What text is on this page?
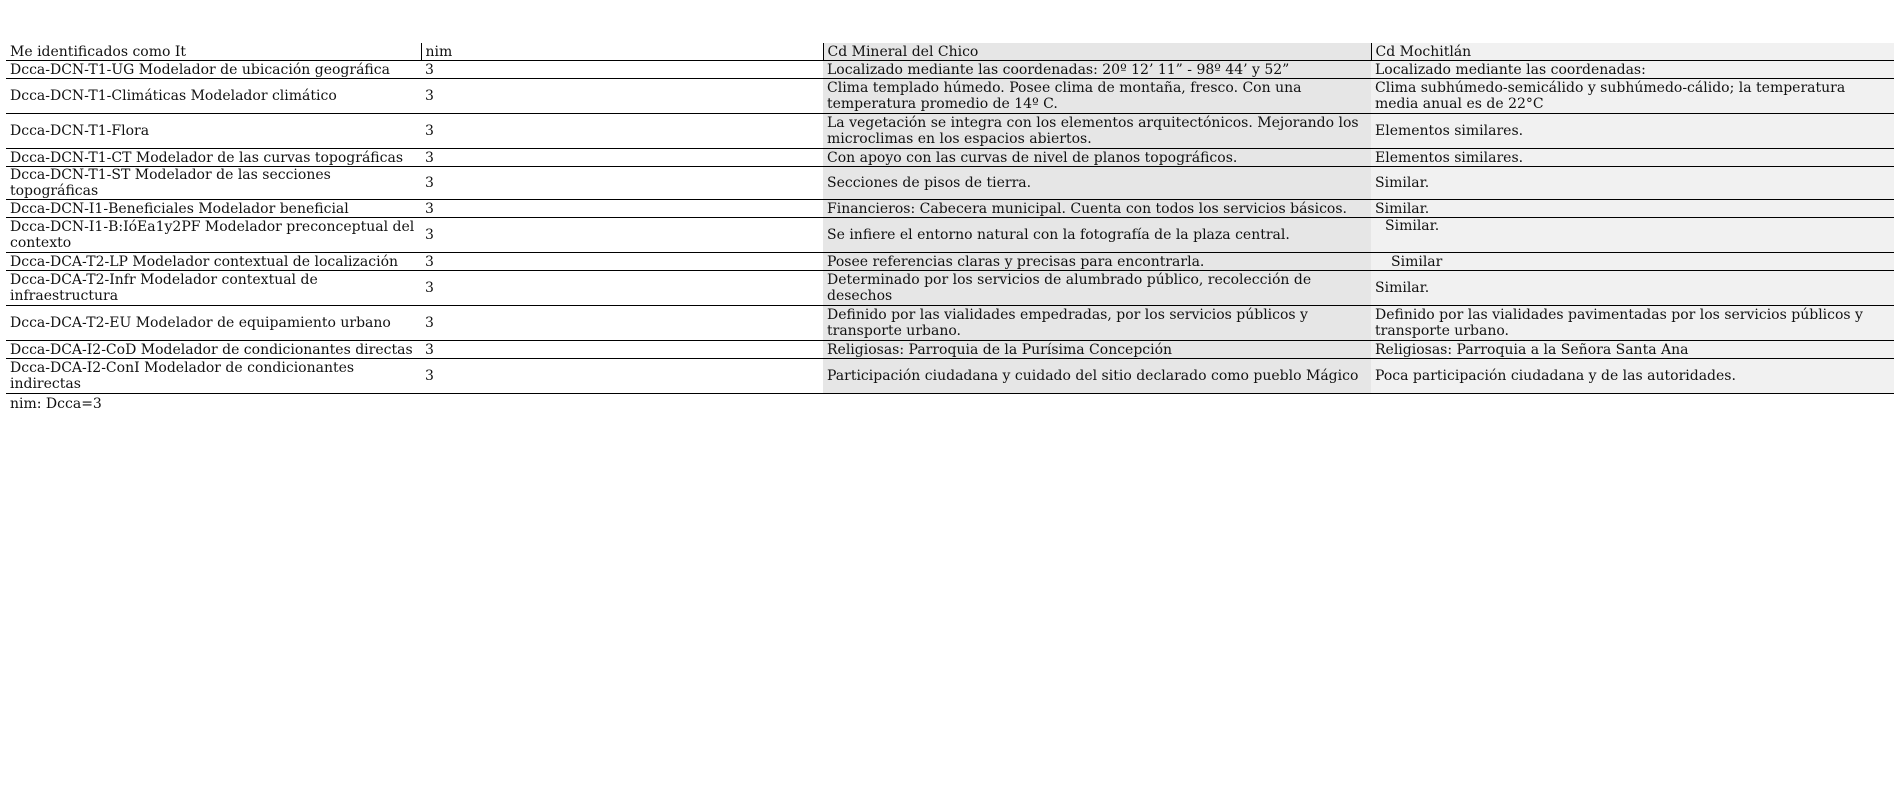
Me identificados como It	nim	Cd Mineral del Chico	Cd Mochitlán
Dcca-DCN-T1-UG Modelador de ubicación geográfica	3	Localizado mediante las coordenadas: 20º 12’ 11” - 98º 44’ y 52”	Localizado mediante las coordenadas:
Dcca-DCN-T1-Climáticas Modelador climático	3	Clima templado húmedo. Posee clima de montaña, fresco. Con una temperatura promedio de 14º C.	Clima subhúmedo-semicálido y subhúmedo-cálido; la temperatura media anual es de 22°C
Dcca-DCN-T1-Flora	3	La vegetación se integra con los elementos arquitectónicos. Mejorando los microclimas en los espacios abiertos.	Elementos similares.
Dcca-DCN-T1-CT Modelador de las curvas topográficas	3	Con apoyo con las curvas de nivel de planos topográficos.	Elementos similares.
Dcca-DCN-T1-ST Modelador de las secciones topográficas	3	Secciones de pisos de tierra.	Similar.
Dcca-DCN-I1-Beneficiales Modelador beneficial	3	Financieros: Cabecera municipal. Cuenta con todos los servicios básicos.	Similar.
Dcca-DCN-I1-B:IóEa1y2PF Modelador preconceptual del contexto	3	Se infiere el entorno natural con la fotografía de la plaza central.	Similar.
Dcca-DCA-T2-LP Modelador contextual de localización	3	Posee referencias claras y precisas para encontrarla.	Similar
Dcca-DCA-T2-Infr Modelador contextual de infraestructura	3	Determinado por los servicios de alumbrado público, recolección de desechos	Similar.
Dcca-DCA-T2-EU Modelador de equipamiento urbano	3	Definido por las vialidades empedradas, por los servicios públicos y transporte urbano.	Definido por las vialidades pavimentadas por los servicios públicos y transporte urbano.
Dcca-DCA-I2-CoD Modelador de condicionantes directas	3	Religiosas: Parroquia de la Purísima Concepción	Religiosas: Parroquia a la Señora Santa Ana
Dcca-DCA-I2-ConI Modelador de condicionantes indirectas	3	Participación ciudadana y cuidado del sitio declarado como pueblo Mágico	Poca participación ciudadana y de las autoridades.
nim: Dcca=3
